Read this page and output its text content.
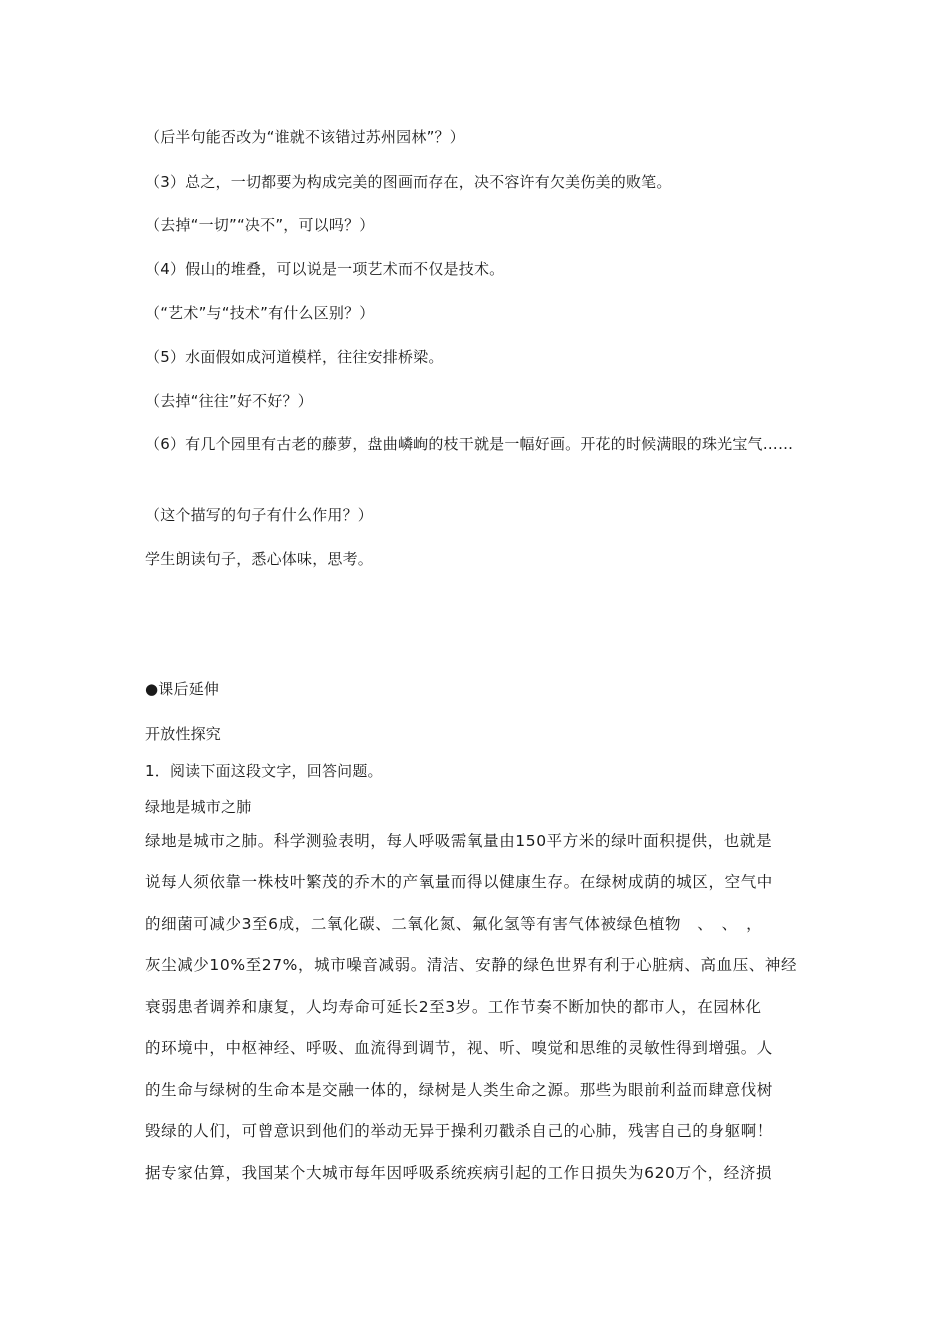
（后半句能否改为“谁就不该错过苏州园林”？）
（3）总之，一切都要为构成完美的图画而存在，决不容许有欠美伤美的败笔。
（去掉“一切”“决不”，可以吗？）
（4）假山的堆叠，可以说是一项艺术而不仅是技术。
（“艺术”与“技术”有什么区别？）
（5）水面假如成河道模样，往往安排桥梁。
（去掉“往往”好不好？）
（6）有几个园里有古老的藤萝，盘曲嶙峋的枝干就是一幅好画。开花的时候满眼的珠光宝气……
（这个描写的句子有什么作用？）
学生朗读句子，悉心体味，思考。
●课后延伸
开放性探究
1．阅读下面这段文字，回答问题。
绿地是城市之肺
绿地是城市之肺。科学测验表明，每人呼吸需氧量由150平方米的绿叶面积提供，也就是
说每人须依靠一株枝叶繁茂的乔木的产氧量而得以健康生存。在绿树成荫的城区，空气中
的细菌可减少3至6成，二氧化碳、二氧化氮、氟化氢等有害气体被绿色植物　、　、　，
灰尘减少10%至27%，城市噪音减弱。清洁、安静的绿色世界有利于心脏病、高血压、神经
衰弱患者调养和康复，人均寿命可延长2至3岁。工作节奏不断加快的都市人，在园林化
的环境中，中枢神经、呼吸、血流得到调节，视、听、嗅觉和思维的灵敏性得到增强。人
的生命与绿树的生命本是交融一体的，绿树是人类生命之源。那些为眼前利益而肆意伐树
毁绿的人们，可曾意识到他们的举动无异于操利刃戳杀自己的心肺，残害自己的身躯啊！
据专家估算，我国某个大城市每年因呼吸系统疾病引起的工作日损失为620万个，经济损
